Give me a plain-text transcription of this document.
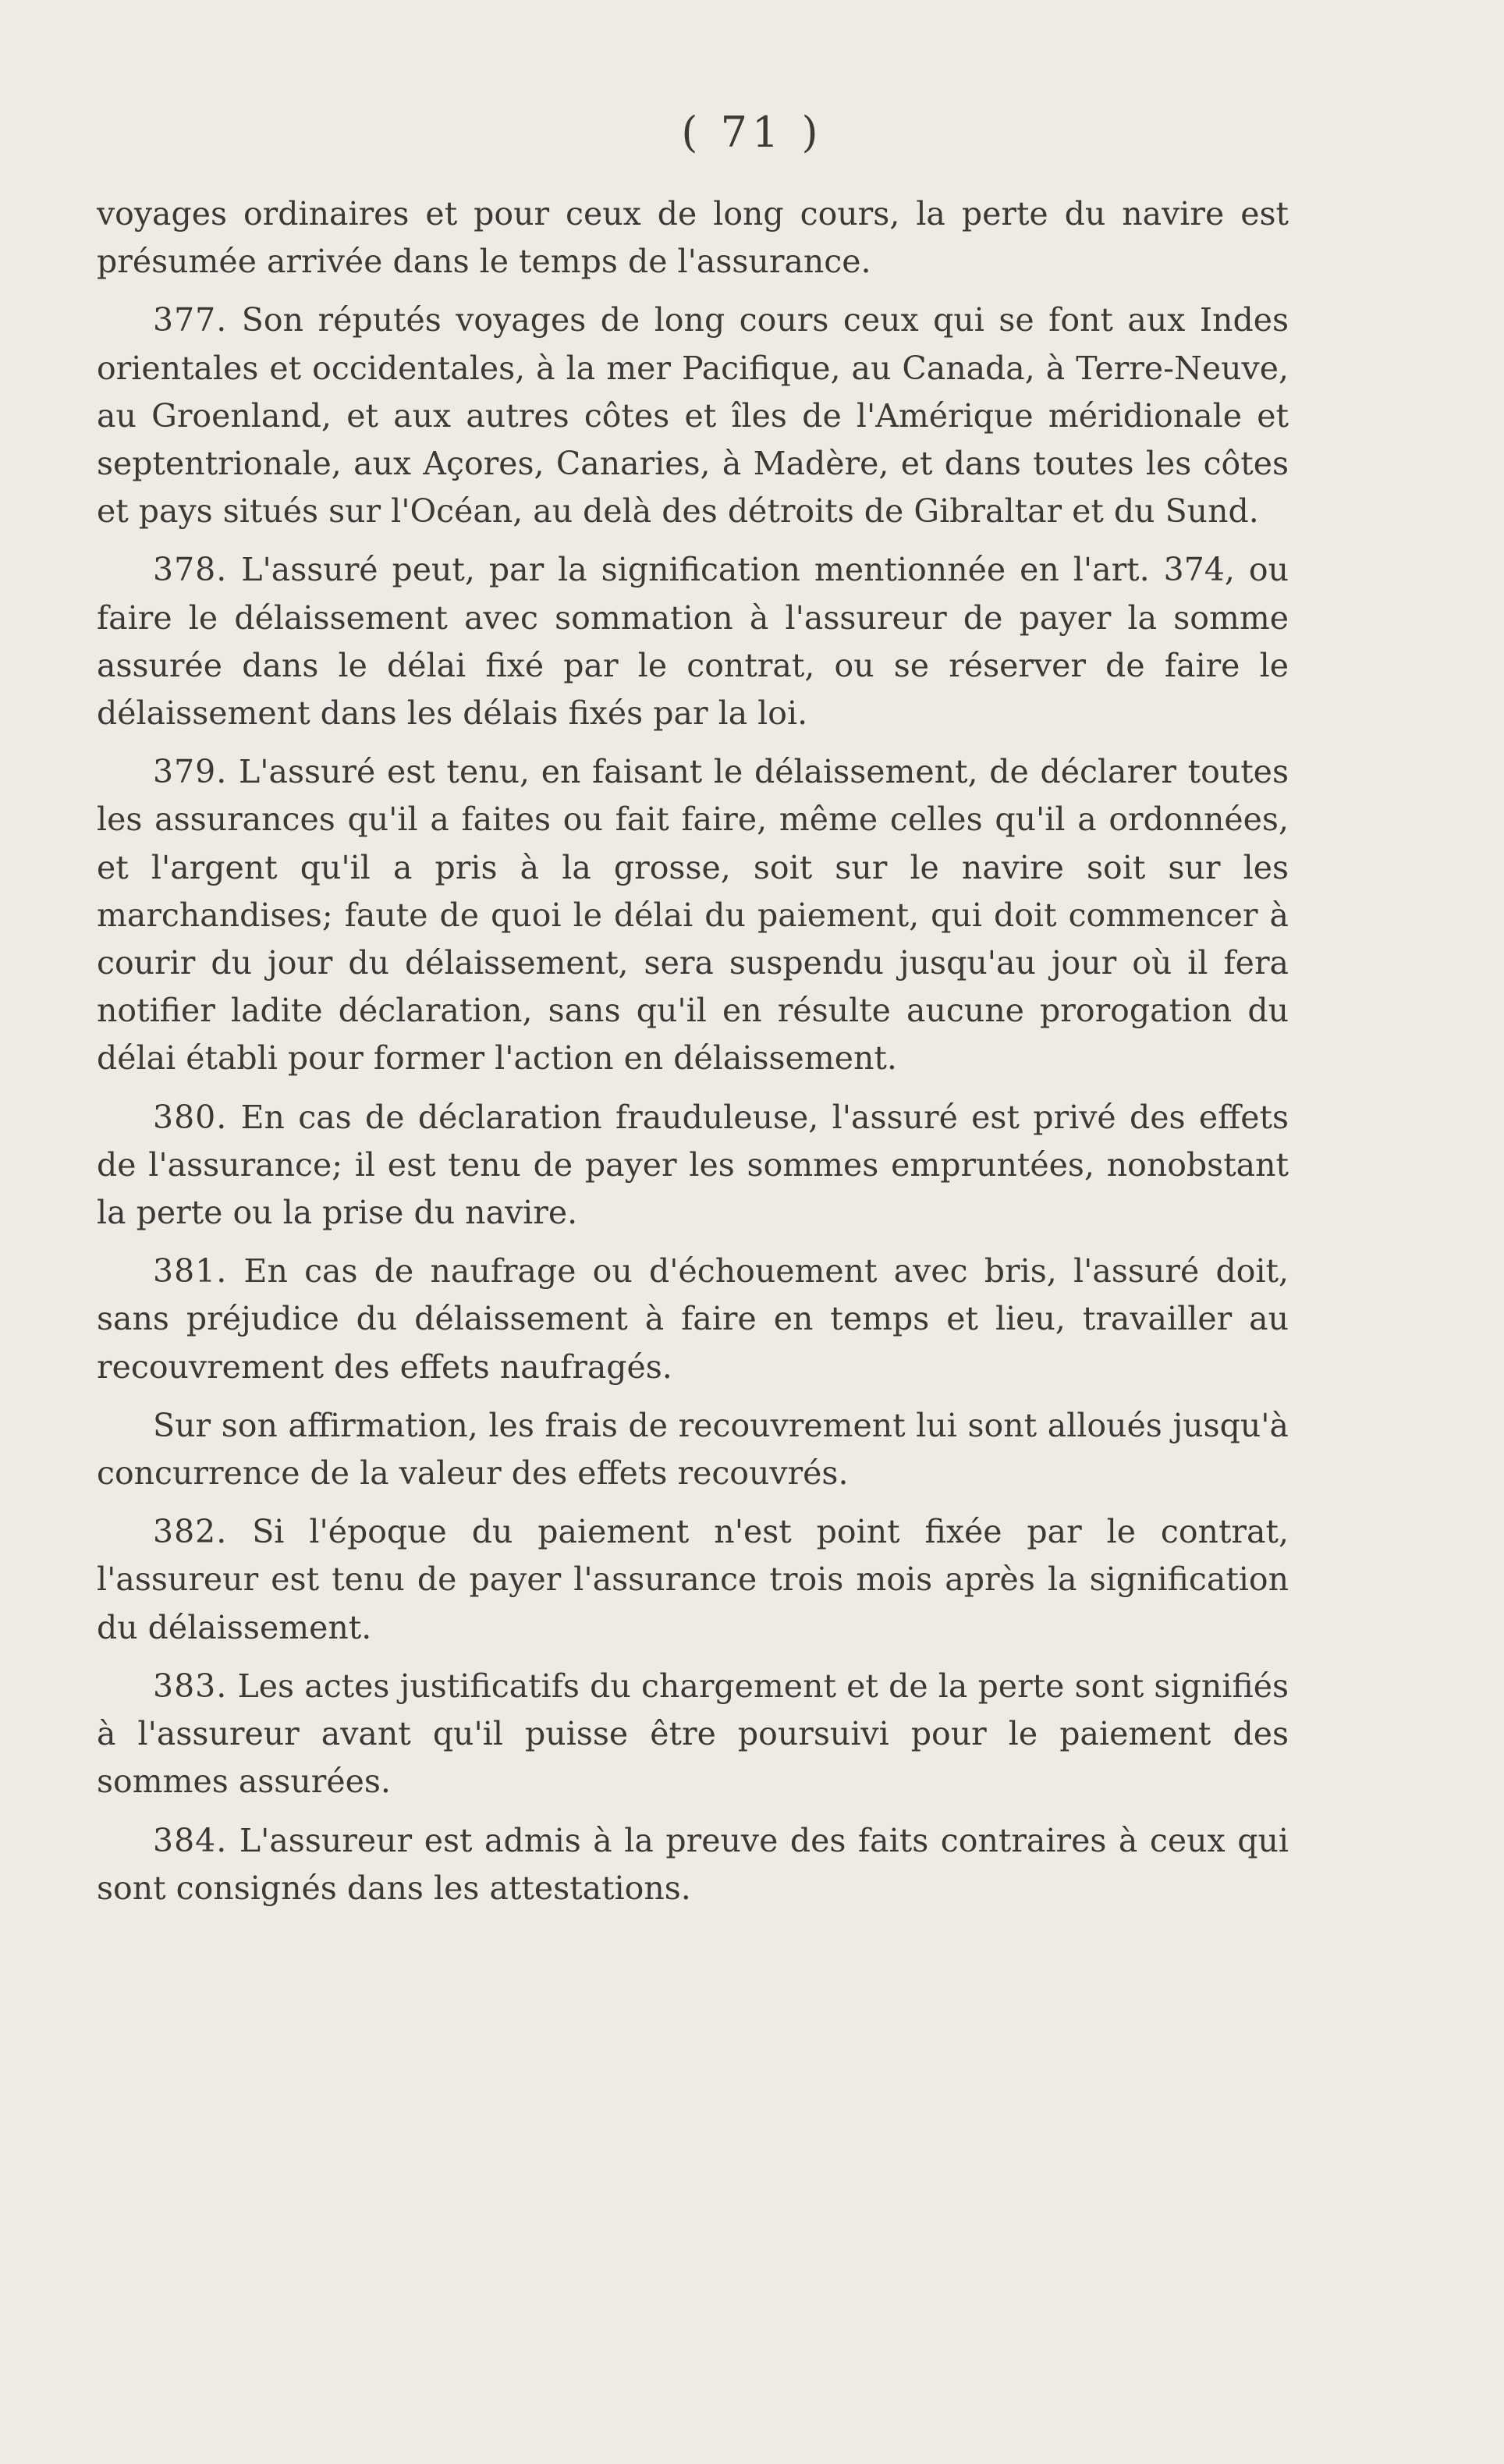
( 71 )

voyages ordinaires et pour ceux de long cours, la perte du navire est présumée arrivée dans le temps de l'assurance.

377. Son réputés voyages de long cours ceux qui se font aux Indes orientales et occidentales, à la mer Pacifique, au Canada, à Terre-Neuve, au Groenland, et aux autres côtes et îles de l'Amérique méridionale et septentrionale, aux Açores, Canaries, à Madère, et dans toutes les côtes et pays situés sur l'Océan, au delà des détroits de Gibraltar et du Sund.

378. L'assuré peut, par la signification mentionnée en l'art. 374, ou faire le délaissement avec sommation à l'assureur de payer la somme assurée dans le délai fixé par le contrat, ou se réserver de faire le délaissement dans les délais fixés par la loi.

379. L'assuré est tenu, en faisant le délaissement, de déclarer toutes les assurances qu'il a faites ou fait faire, même celles qu'il a ordonnées, et l'argent qu'il a pris à la grosse, soit sur le navire soit sur les marchandises; faute de quoi le délai du paiement, qui doit commencer à courir du jour du délaissement, sera suspendu jusqu'au jour où il fera notifier ladite déclaration, sans qu'il en résulte aucune prorogation du délai établi pour former l'action en délaissement.

380. En cas de déclaration frauduleuse, l'assuré est privé des effets de l'assurance; il est tenu de payer les sommes empruntées, nonobstant la perte ou la prise du navire.

381. En cas de naufrage ou d'échouement avec bris, l'assuré doit, sans préjudice du délaissement à faire en temps et lieu, travailler au recouvrement des effets naufragés.

Sur son affirmation, les frais de recouvrement lui sont alloués jusqu'à concurrence de la valeur des effets recouvrés.

382. Si l'époque du paiement n'est point fixée par le contrat, l'assureur est tenu de payer l'assurance trois mois après la signification du délaissement.

383. Les actes justificatifs du chargement et de la perte sont signifiés à l'assureur avant qu'il puisse être poursuivi pour le paiement des sommes assurées.

384. L'assureur est admis à la preuve des faits contraires à ceux qui sont consignés dans les attestations.
